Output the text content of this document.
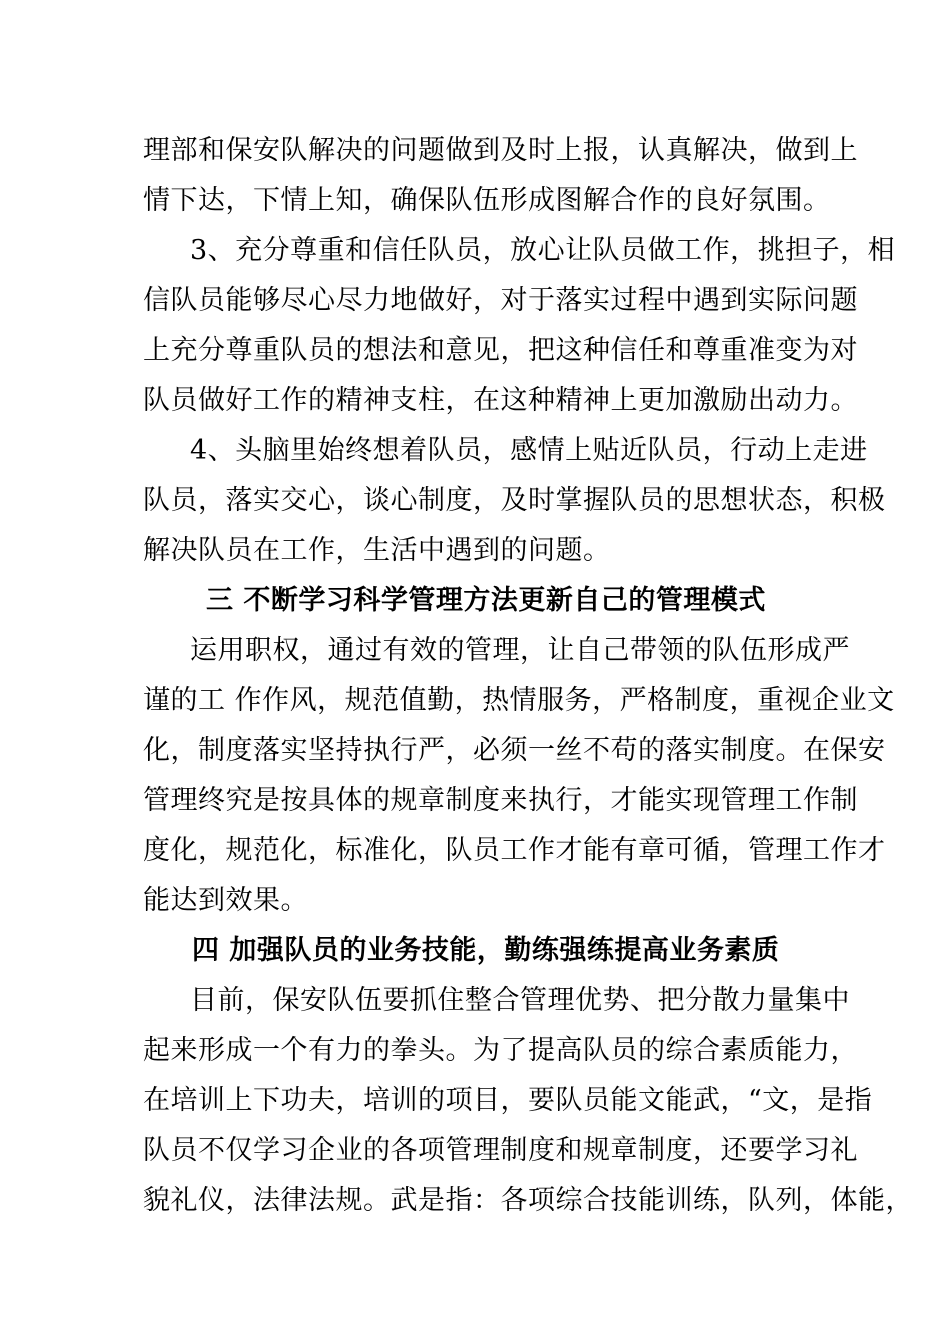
理部和保安队解决的问题做到及时上报，认真解决，做到上
情下达，下情上知，确保队伍形成图解合作的良好氛围。
3、充分尊重和信任队员，放心让队员做工作，挑担子，相
信队员能够尽心尽力地做好，对于落实过程中遇到实际问题
上充分尊重队员的想法和意见，把这种信任和尊重准变为对
队员做好工作的精神支柱，在这种精神上更加激励出动力。
4、头脑里始终想着队员，感情上贴近队员，行动上走进
队员，落实交心，谈心制度，及时掌握队员的思想状态，积极
解决队员在工作，生活中遇到的问题。
三 不断学习科学管理方法更新自己的管理模式
运用职权，通过有效的管理，让自己带领的队伍形成严
谨的工 作作风，规范值勤，热情服务，严格制度，重视企业文
化，制度落实坚持执行严，必须一丝不苟的落实制度。在保安
管理终究是按具体的规章制度来执行，才能实现管理工作制
度化，规范化，标准化，队员工作才能有章可循，管理工作才
能达到效果。
四 加强队员的业务技能，勤练强练提高业务素质
目前，保安队伍要抓住整合管理优势、把分散力量集中
起来形成一个有力的拳头。为了提高队员的综合素质能力，
在培训上下功夫，培训的项目，要队员能文能武，“文，是指
队员不仅学习企业的各项管理制度和规章制度，还要学习礼
貌礼仪，法律法规。武是指：各项综合技能训练，队列，体能，
